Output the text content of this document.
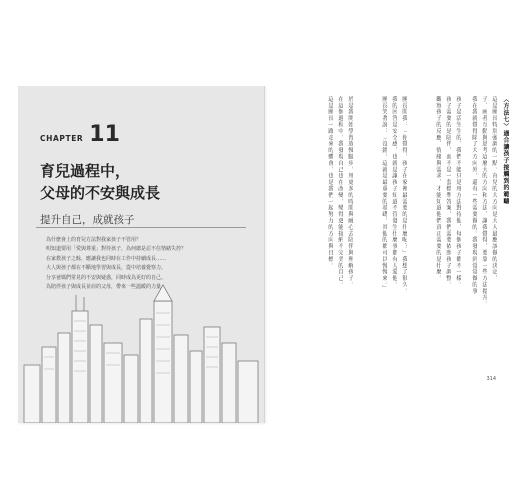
CHAPTER 11
育兒過程中，
父母的不安與成長
提升自己，成就孩子

為什麼會上的育兒方法對我家孩子不管用？

明知道要用「愛與尊重」對待孩子，為何總是忍不住情緒失控？

在家教孩子之餘，應讓我也同時在工作中持續成長……

大人與孩子都在不斷地學習與成長，從中培養覺察力。

分享爸媽們常見的不安與疑惑，同時成為更好的自己。

為陪伴孩子與成長並肩的父母，帶來一些溫暖的力量。

〈方法七〉適合讓孩子接觸到的範疇
這是團長特別強調的一點。育兒的大方向是大人最應該做的決定，
子、兩者互動與思考這麼大的方向和方法，讓我覺得，要靠一些方法提升。
我在我就覺得除了大方向外，還有一些需要做的。我發現到常常做的事
孩子是活生生的，我們不能只是用方法對待他，每個孩子都不一樣。
孩子需要的是陪伴，而不是一套標準答案，我們需要依照孩子調整。
觀察孩子的反應、情緒與需求，才能知道他們真正需要的是什麼。
團長問我：「你覺得，孩子在家裡最需要的是什麼呢？」我想了很久。
我的回答是安全感，也就是讓孩子知道不管發生什麼事都有人愛他。
團長笑著說：「沒錯，這就是最重要的基礎，其他的都可以慢慢來。」
於是我開始學習放慢腳步，用更多的時間與耐心去陪伴與理解孩子。
在這個過程中，我發現自己也在改變，變得更能接納不完美的自己。
這是團長一路走來的體會，也是我們一起努力的方向與目標。
314
